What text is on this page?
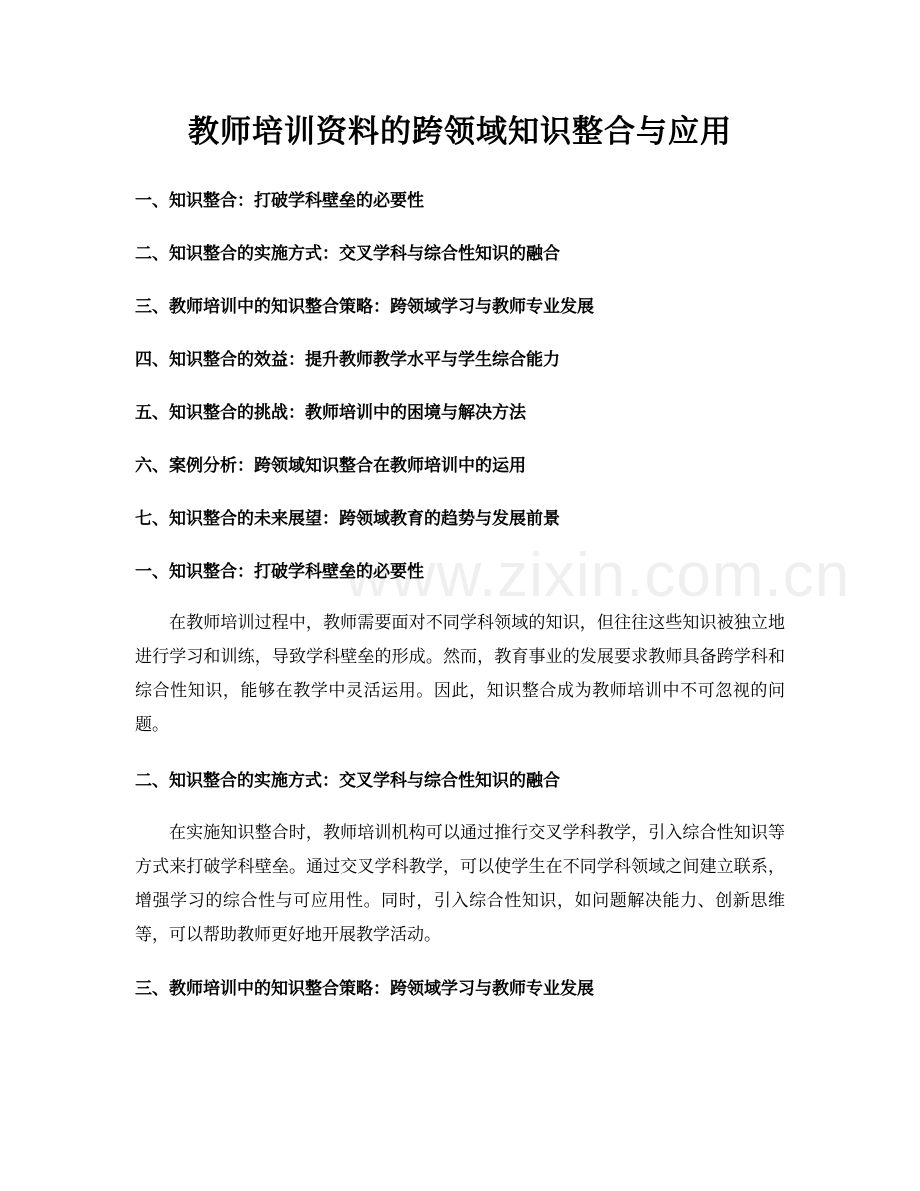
教师培训资料的跨领域知识整合与应用
一、知识整合：打破学科壁垒的必要性
二、知识整合的实施方式：交叉学科与综合性知识的融合
三、教师培训中的知识整合策略：跨领域学习与教师专业发展
四、知识整合的效益：提升教师教学水平与学生综合能力
五、知识整合的挑战：教师培训中的困境与解决方法
六、案例分析：跨领域知识整合在教师培训中的运用
七、知识整合的未来展望：跨领域教育的趋势与发展前景
一、知识整合：打破学科壁垒的必要性

在教师培训过程中，教师需要面对不同学科领域的知识，但往往这些知识被独立地进行学习和训练，导致学科壁垒的形成。然而，教育事业的发展要求教师具备跨学科和综合性知识，能够在教学中灵活运用。因此，知识整合成为教师培训中不可忽视的问题。

二、知识整合的实施方式：交叉学科与综合性知识的融合

在实施知识整合时，教师培训机构可以通过推行交叉学科教学，引入综合性知识等方式来打破学科壁垒。通过交叉学科教学，可以使学生在不同学科领域之间建立联系，增强学习的综合性与可应用性。同时，引入综合性知识，如问题解决能力、创新思维等，可以帮助教师更好地开展教学活动。

三、教师培训中的知识整合策略：跨领域学习与教师专业发展
www.zixin.com.cn
